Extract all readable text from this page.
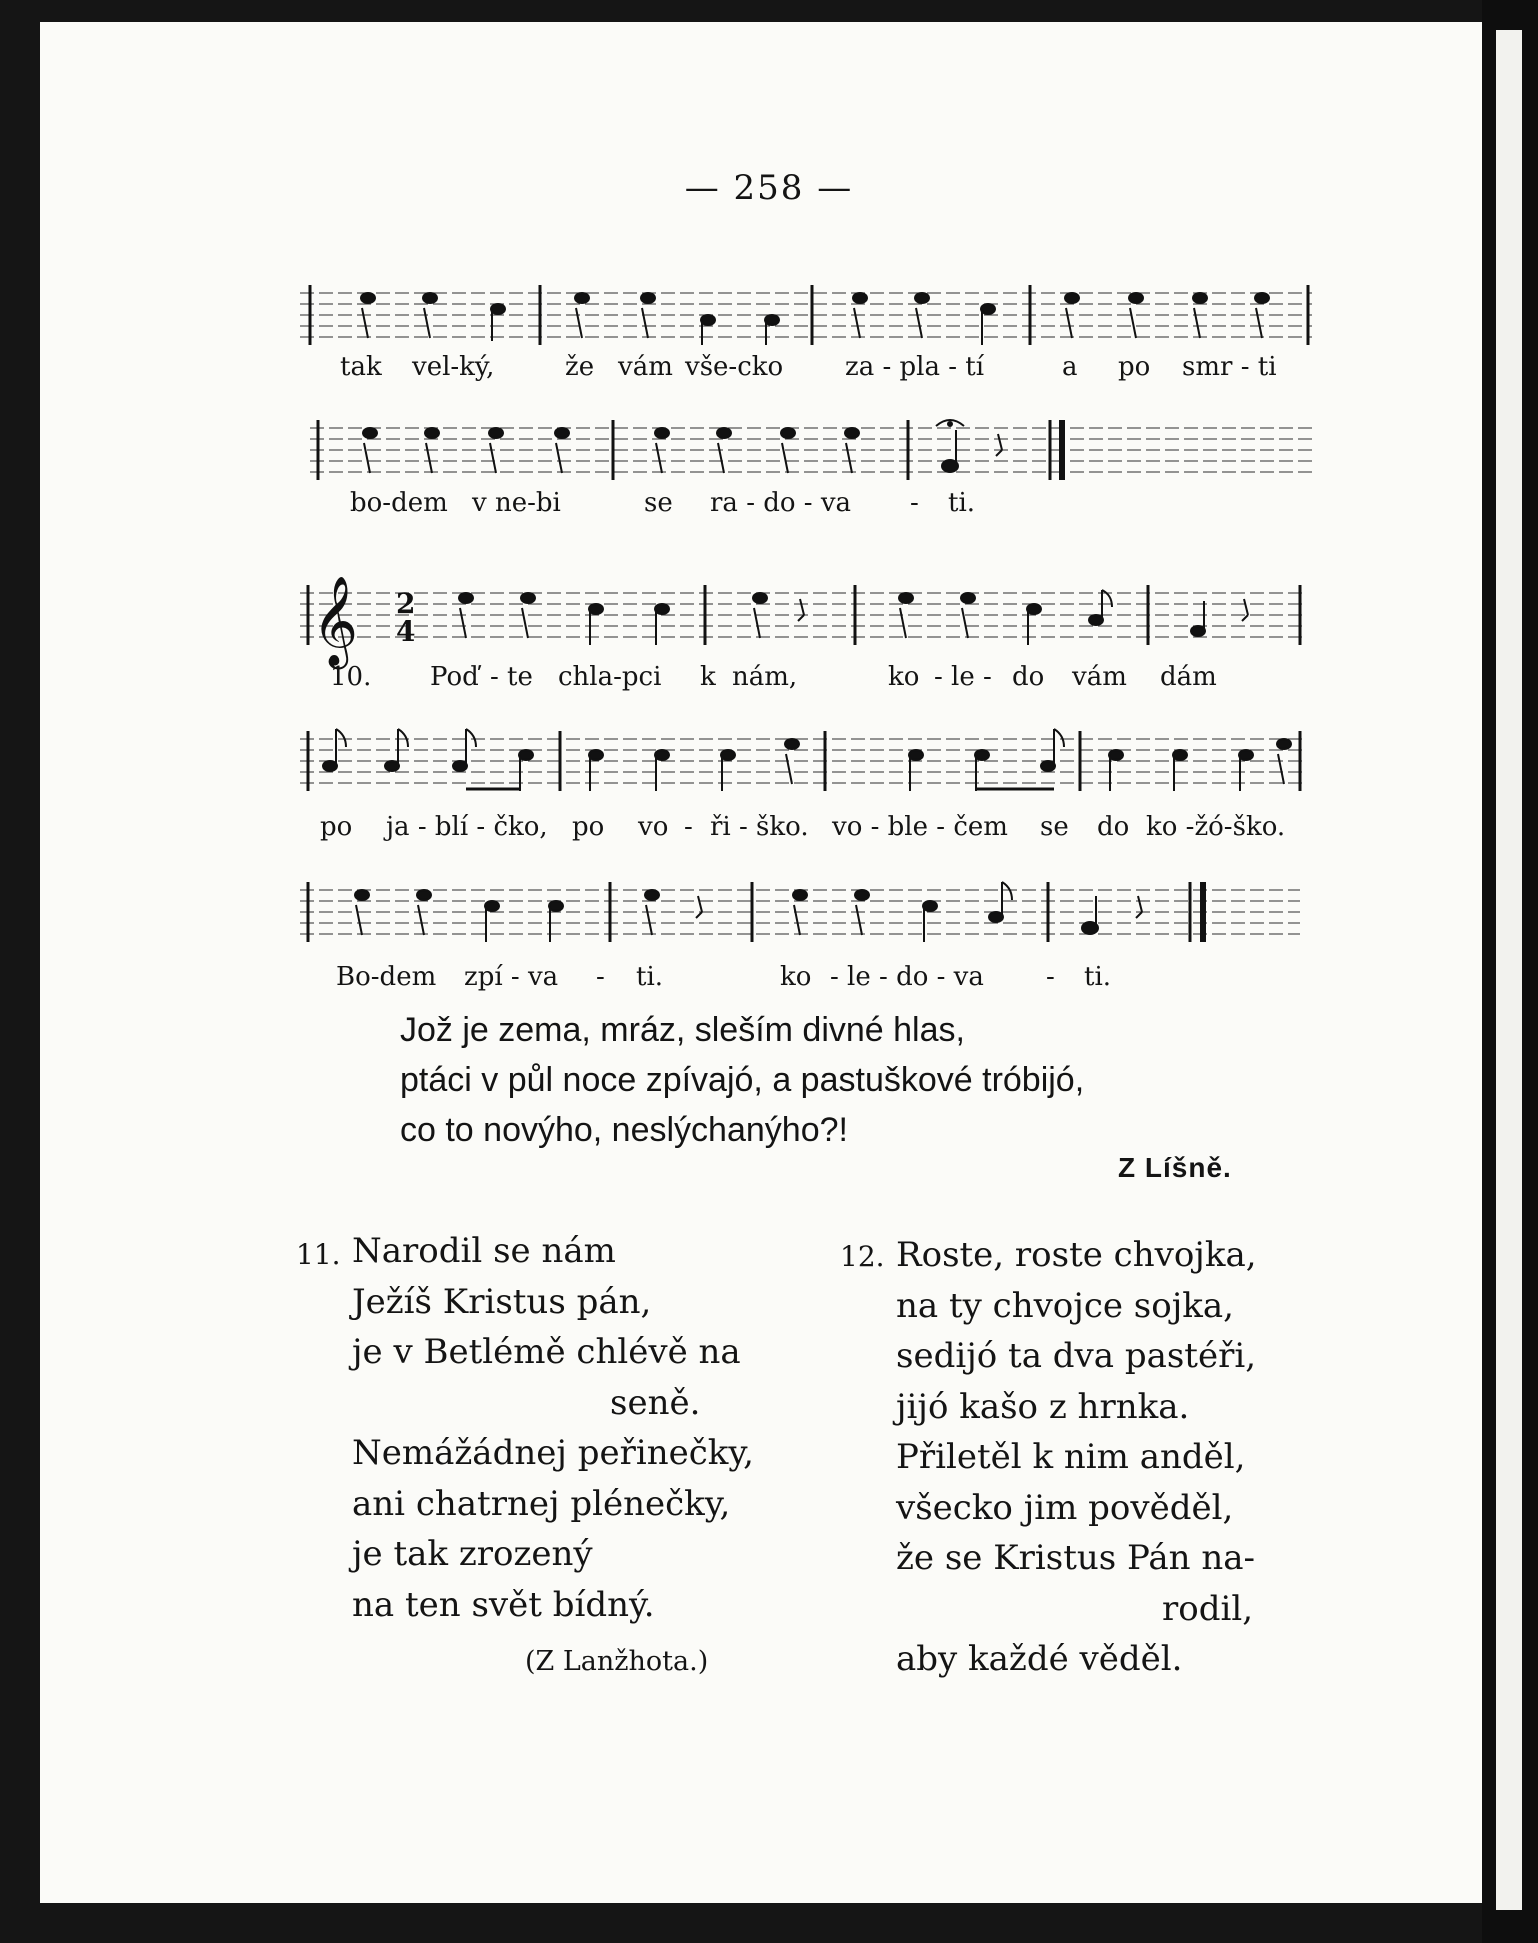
— 258 —
tak vel-ký,	že vám vše-cko za - pla - tí	a po smr - ti
bo-dem v ne-bi	se ra - do - va - ti.
𝄞 2
4
10. Poď - te chla-pci k nám,	ko - le - do vám dám
po ja - blí - čko, po vo - ři - ško. vo - ble - čem se do ko -žó-ško.
Bo-dem zpí - va - ti.	ko - le - do - va - ti.
Jož je zema, mráz, sleším divné hlas,
ptáci v půl noce zpívajó, a pastuškové tróbijó,
co to novýho, neslýchanýho?!
Z Líšně.
11. Narodil se nám
Ježíš Kristus pán,
je v Betlémě chlévě na
seně.
Nemážádnej peřinečky,
ani chatrnej plénečky,
je tak zrozený
na ten svět bídný.
(Z Lanžhota.)
12. Roste, roste chvojka,
na ty chvojce sojka,
sedijó ta dva pastéři,
jijó kašo z hrnka.
Přiletěl k nim anděl,
všecko jim pověděl,
že se Kristus Pán na-
rodil,
aby každé věděl.
